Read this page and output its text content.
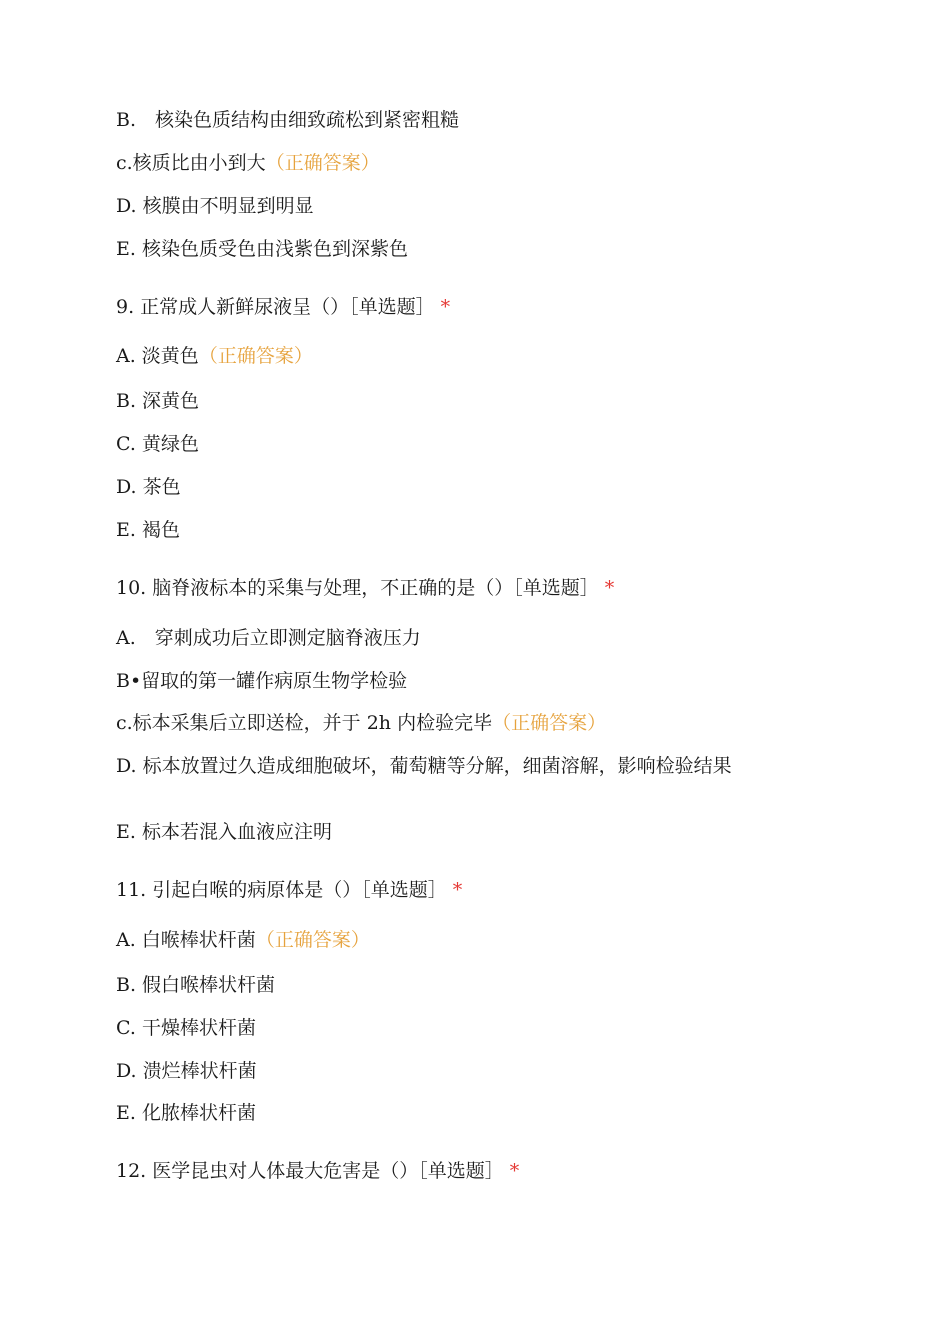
B.　核染色质结构由细致疏松到紧密粗糙
c.核质比由小到大（正确答案）
D. 核膜由不明显到明显
E. 核染色质受色由浅紫色到深紫色
9. 正常成人新鲜尿液呈（）［单选题］ *
A. 淡黄色（正确答案）
B. 深黄色
C. 黄绿色
D. 茶色
E. 褐色
10. 脑脊液标本的采集与处理，不正确的是（）［单选题］ *
A.　穿刺成功后立即测定脑脊液压力
B•留取的第一罐作病原生物学检验
c.标本采集后立即送检，并于 2h 内检验完毕（正确答案）
D. 标本放置过久造成细胞破坏，葡萄糖等分解，细菌溶解，影响检验结果
E. 标本若混入血液应注明
11. 引起白喉的病原体是（）［单选题］ *
A. 白喉棒状杆菌（正确答案）
B. 假白喉棒状杆菌
C. 干燥棒状杆菌
D. 溃烂棒状杆菌
E. 化脓棒状杆菌
12. 医学昆虫对人体最大危害是（）［单选题］ *
